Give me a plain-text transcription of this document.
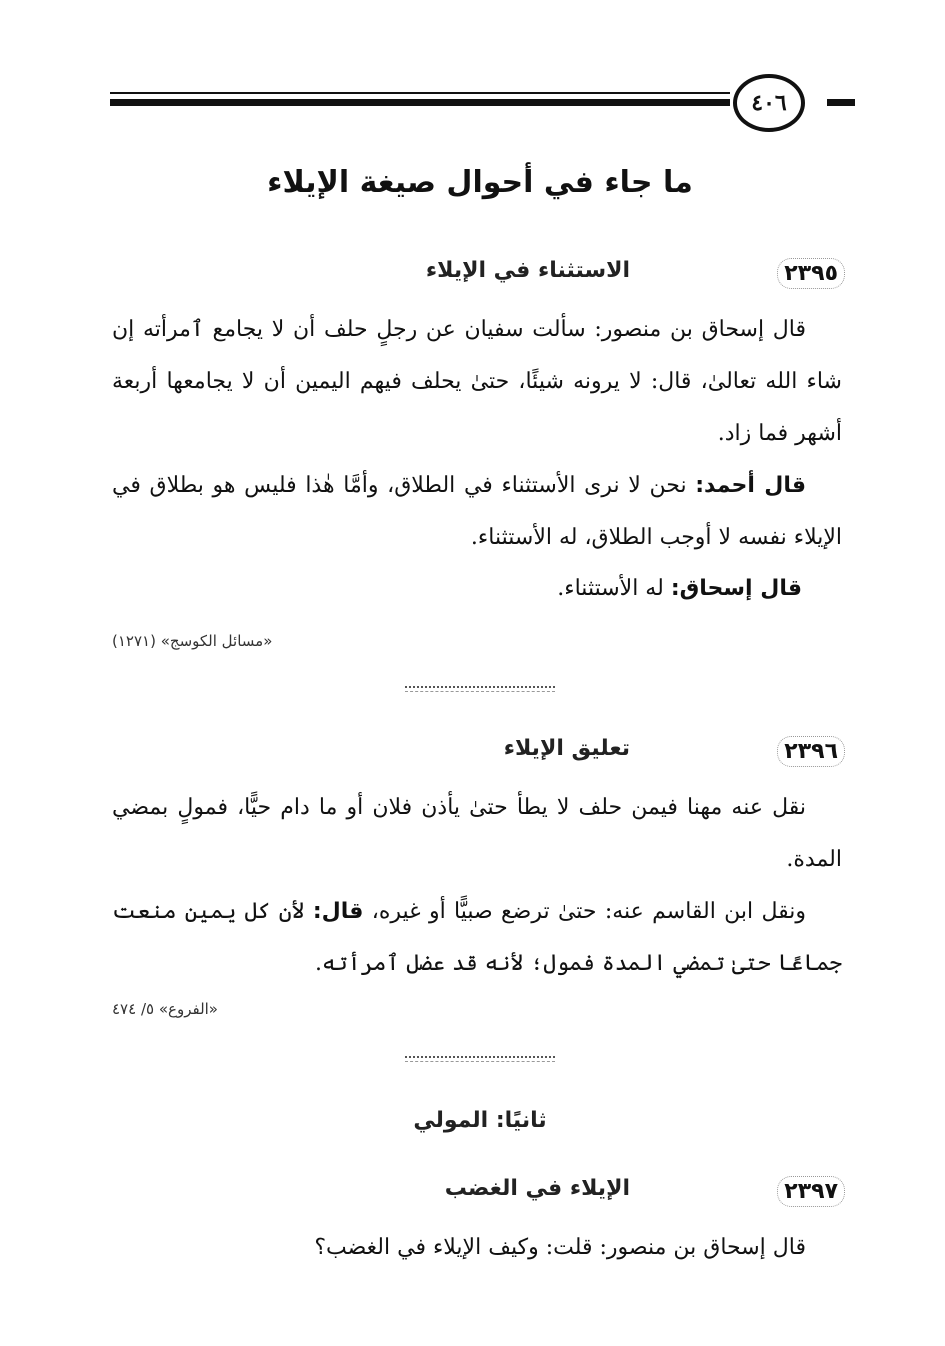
٤٠٦
ما جاء في أحوال صيغة الإيلاء
٢٣٩٥
الاستثناء في الإيلاء
قال إسحاق بن منصور: سألت سفيان عن رجلٍ حلف أن لا يجامع ٱمرأته إن شاء الله تعالىٰ، قال: لا يرونه شيئًا، حتىٰ يحلف فيهم اليمين أن لا يجامعها أربعة أشهر فما زاد.
قال أحمد: نحن لا نرى الأستثناء في الطلاق، وأمَّا هٰذا فليس هو بطلاق في الإيلاء نفسه لا أوجب الطلاق، له الأستثناء.
قال إسحاق: له الأستثناء.
«مسائل الكوسج» (١٢٧١)
٢٣٩٦
تعليق الإيلاء
نقل عنه مهنا فيمن حلف لا يطأ حتىٰ يأذن فلان أو ما دام حيًّا، فمولٍ بمضي المدة.
ونقل ابن القاسم عنه: حتىٰ ترضع صبيًّا أو غيره، قال: لأن كل يمين منعت جماعًا حتىٰ تمضي المدة فمول؛ لأنه قد عضل ٱمرأته.
«الفروع» ٥/ ٤٧٤
ثانيًا: المولي
٢٣٩٧
الإيلاء في الغضب
قال إسحاق بن منصور: قلت: وكيف الإيلاء في الغضب؟
